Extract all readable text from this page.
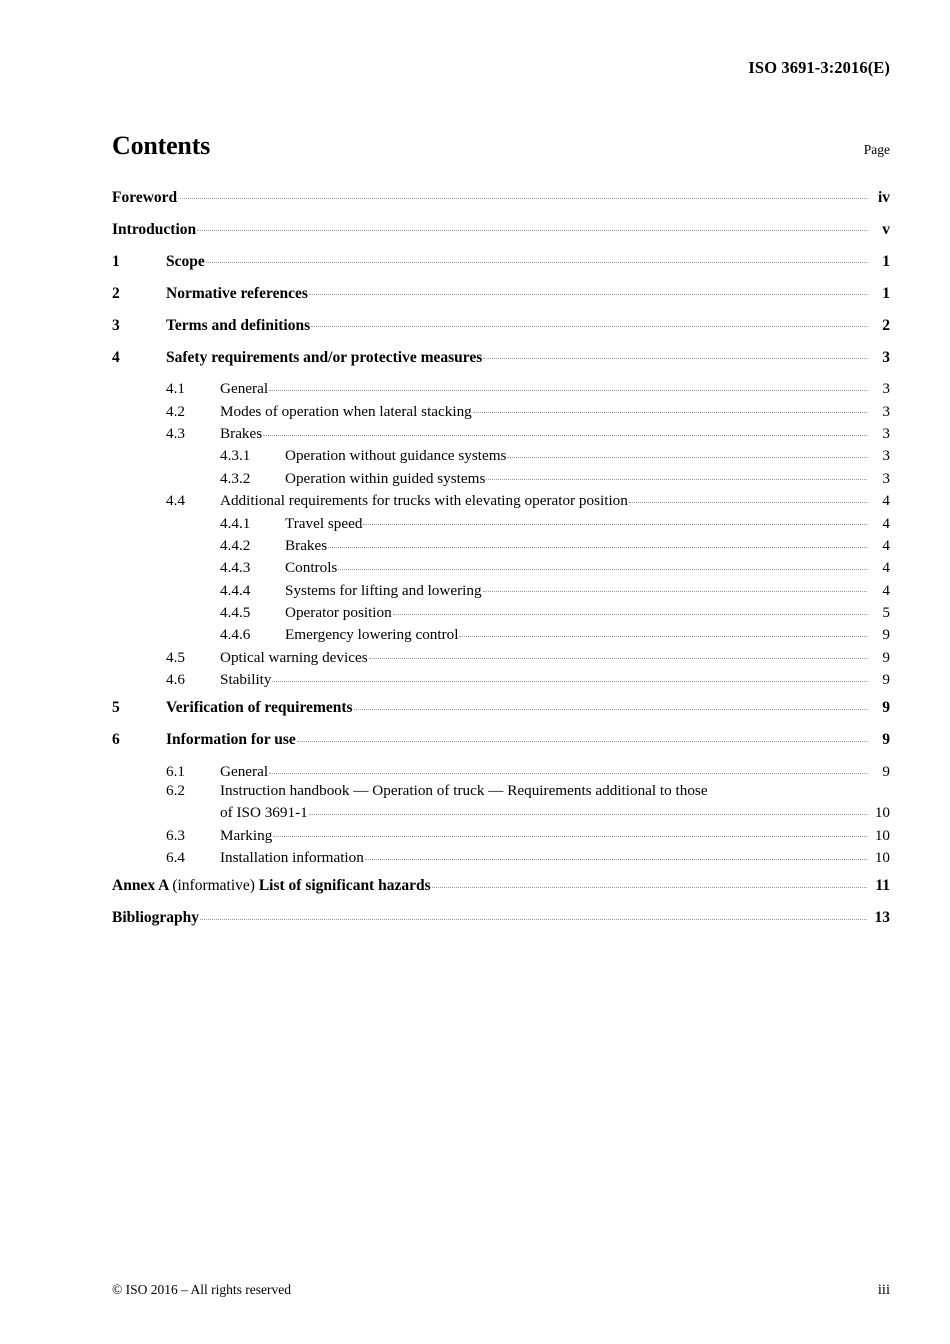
ISO 3691-3:2016(E)
Contents	Page
Foreword	iv
Introduction	v
1	Scope	1
2	Normative references	1
3	Terms and definitions	2
4	Safety requirements and/or protective measures	3
4.1	General	3
4.2	Modes of operation when lateral stacking	3
4.3	Brakes	3
4.3.1	Operation without guidance systems	3
4.3.2	Operation within guided systems	3
4.4	Additional requirements for trucks with elevating operator position	4
4.4.1	Travel speed	4
4.4.2	Brakes	4
4.4.3	Controls	4
4.4.4	Systems for lifting and lowering	4
4.4.5	Operator position	5
4.4.6	Emergency lowering control	9
4.5	Optical warning devices	9
4.6	Stability	9
5	Verification of requirements	9
6	Information for use	9
6.1	General	9
6.2	Instruction handbook — Operation of truck — Requirements additional to those
of ISO 3691-1	10
6.3	Marking	10
6.4	Installation information	10
Annex A (informative) List of significant hazards	11
Bibliography	13
© ISO 2016 – All rights reserved	iii
